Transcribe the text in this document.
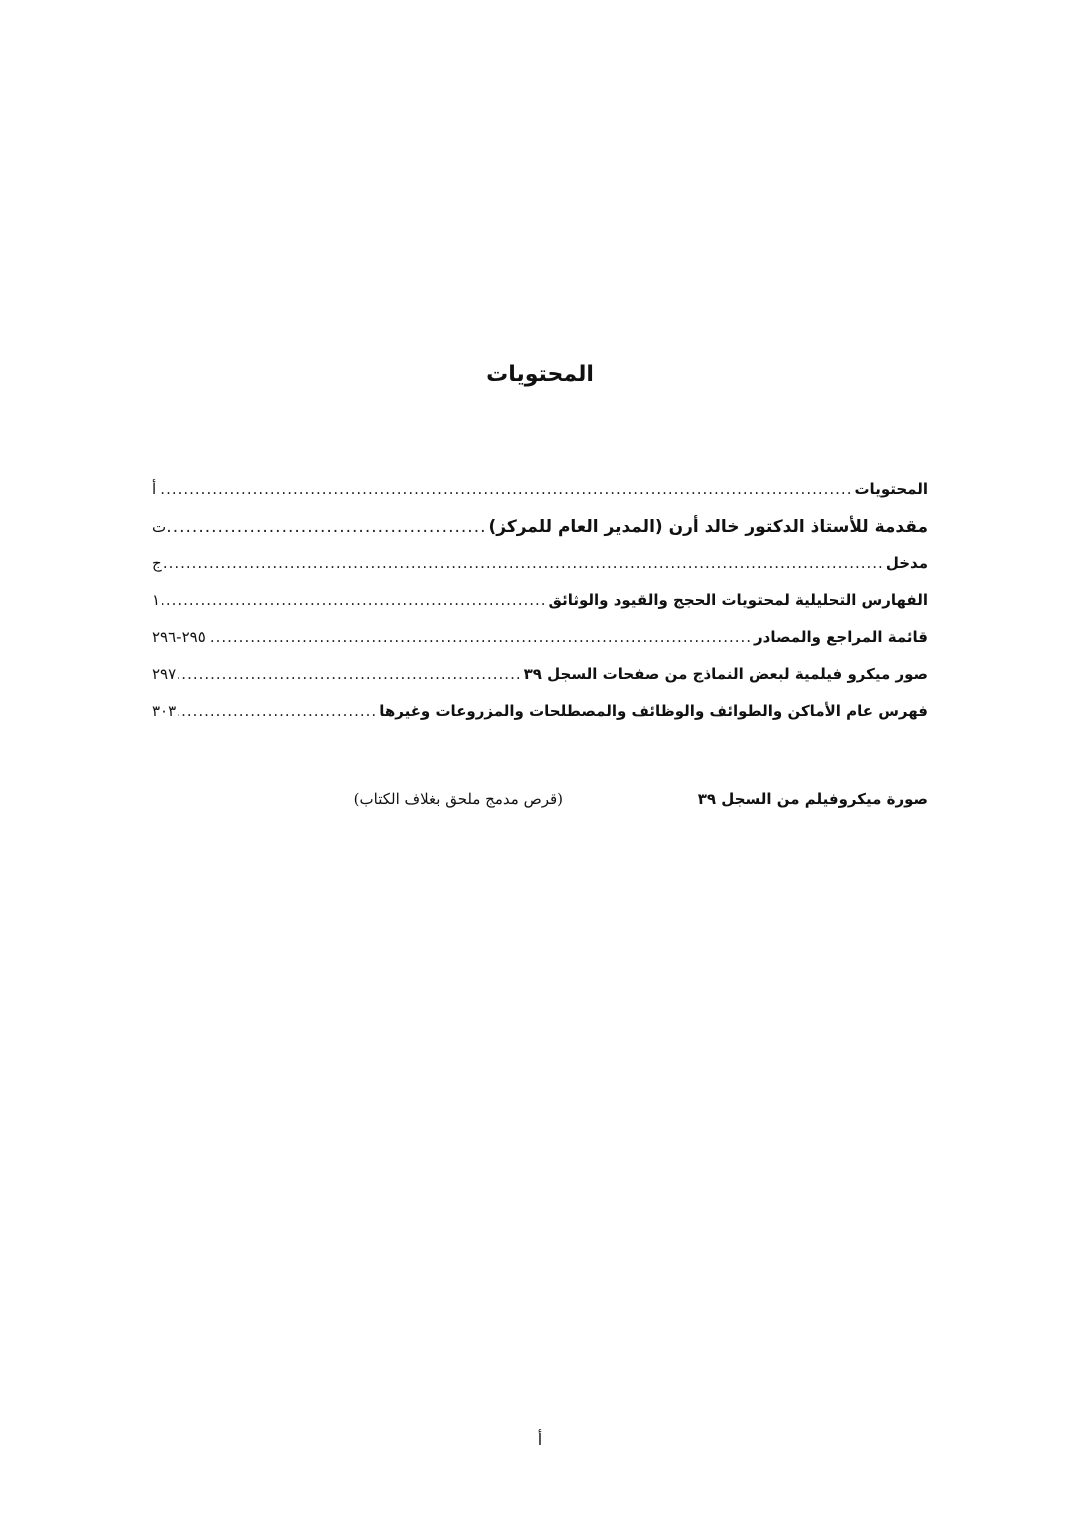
المحتويات
المحتويات
.....
أ
مقدمة للأستاذ الدكتور خالد أرن (المدير العام للمركز)
.....
ت
مدخل
.....
ج
الفهارس التحليلية لمحتويات الحجج والقيود والوثائق
.....
١
قائمة المراجع والمصادر
.....
٢٩٥-٢٩٦
صور ميكرو فيلمية لبعض النماذج من صفحات السجل ٣٩
.....
٢٩٧
فهرس عام الأماكن والطوائف والوظائف والمصطلحات والمزروعات وغيرها
.....
٣٠٣
صورة ميكروفيلم من السجل ٣٩
(قرص مدمج ملحق بغلاف الكتاب)
أ
